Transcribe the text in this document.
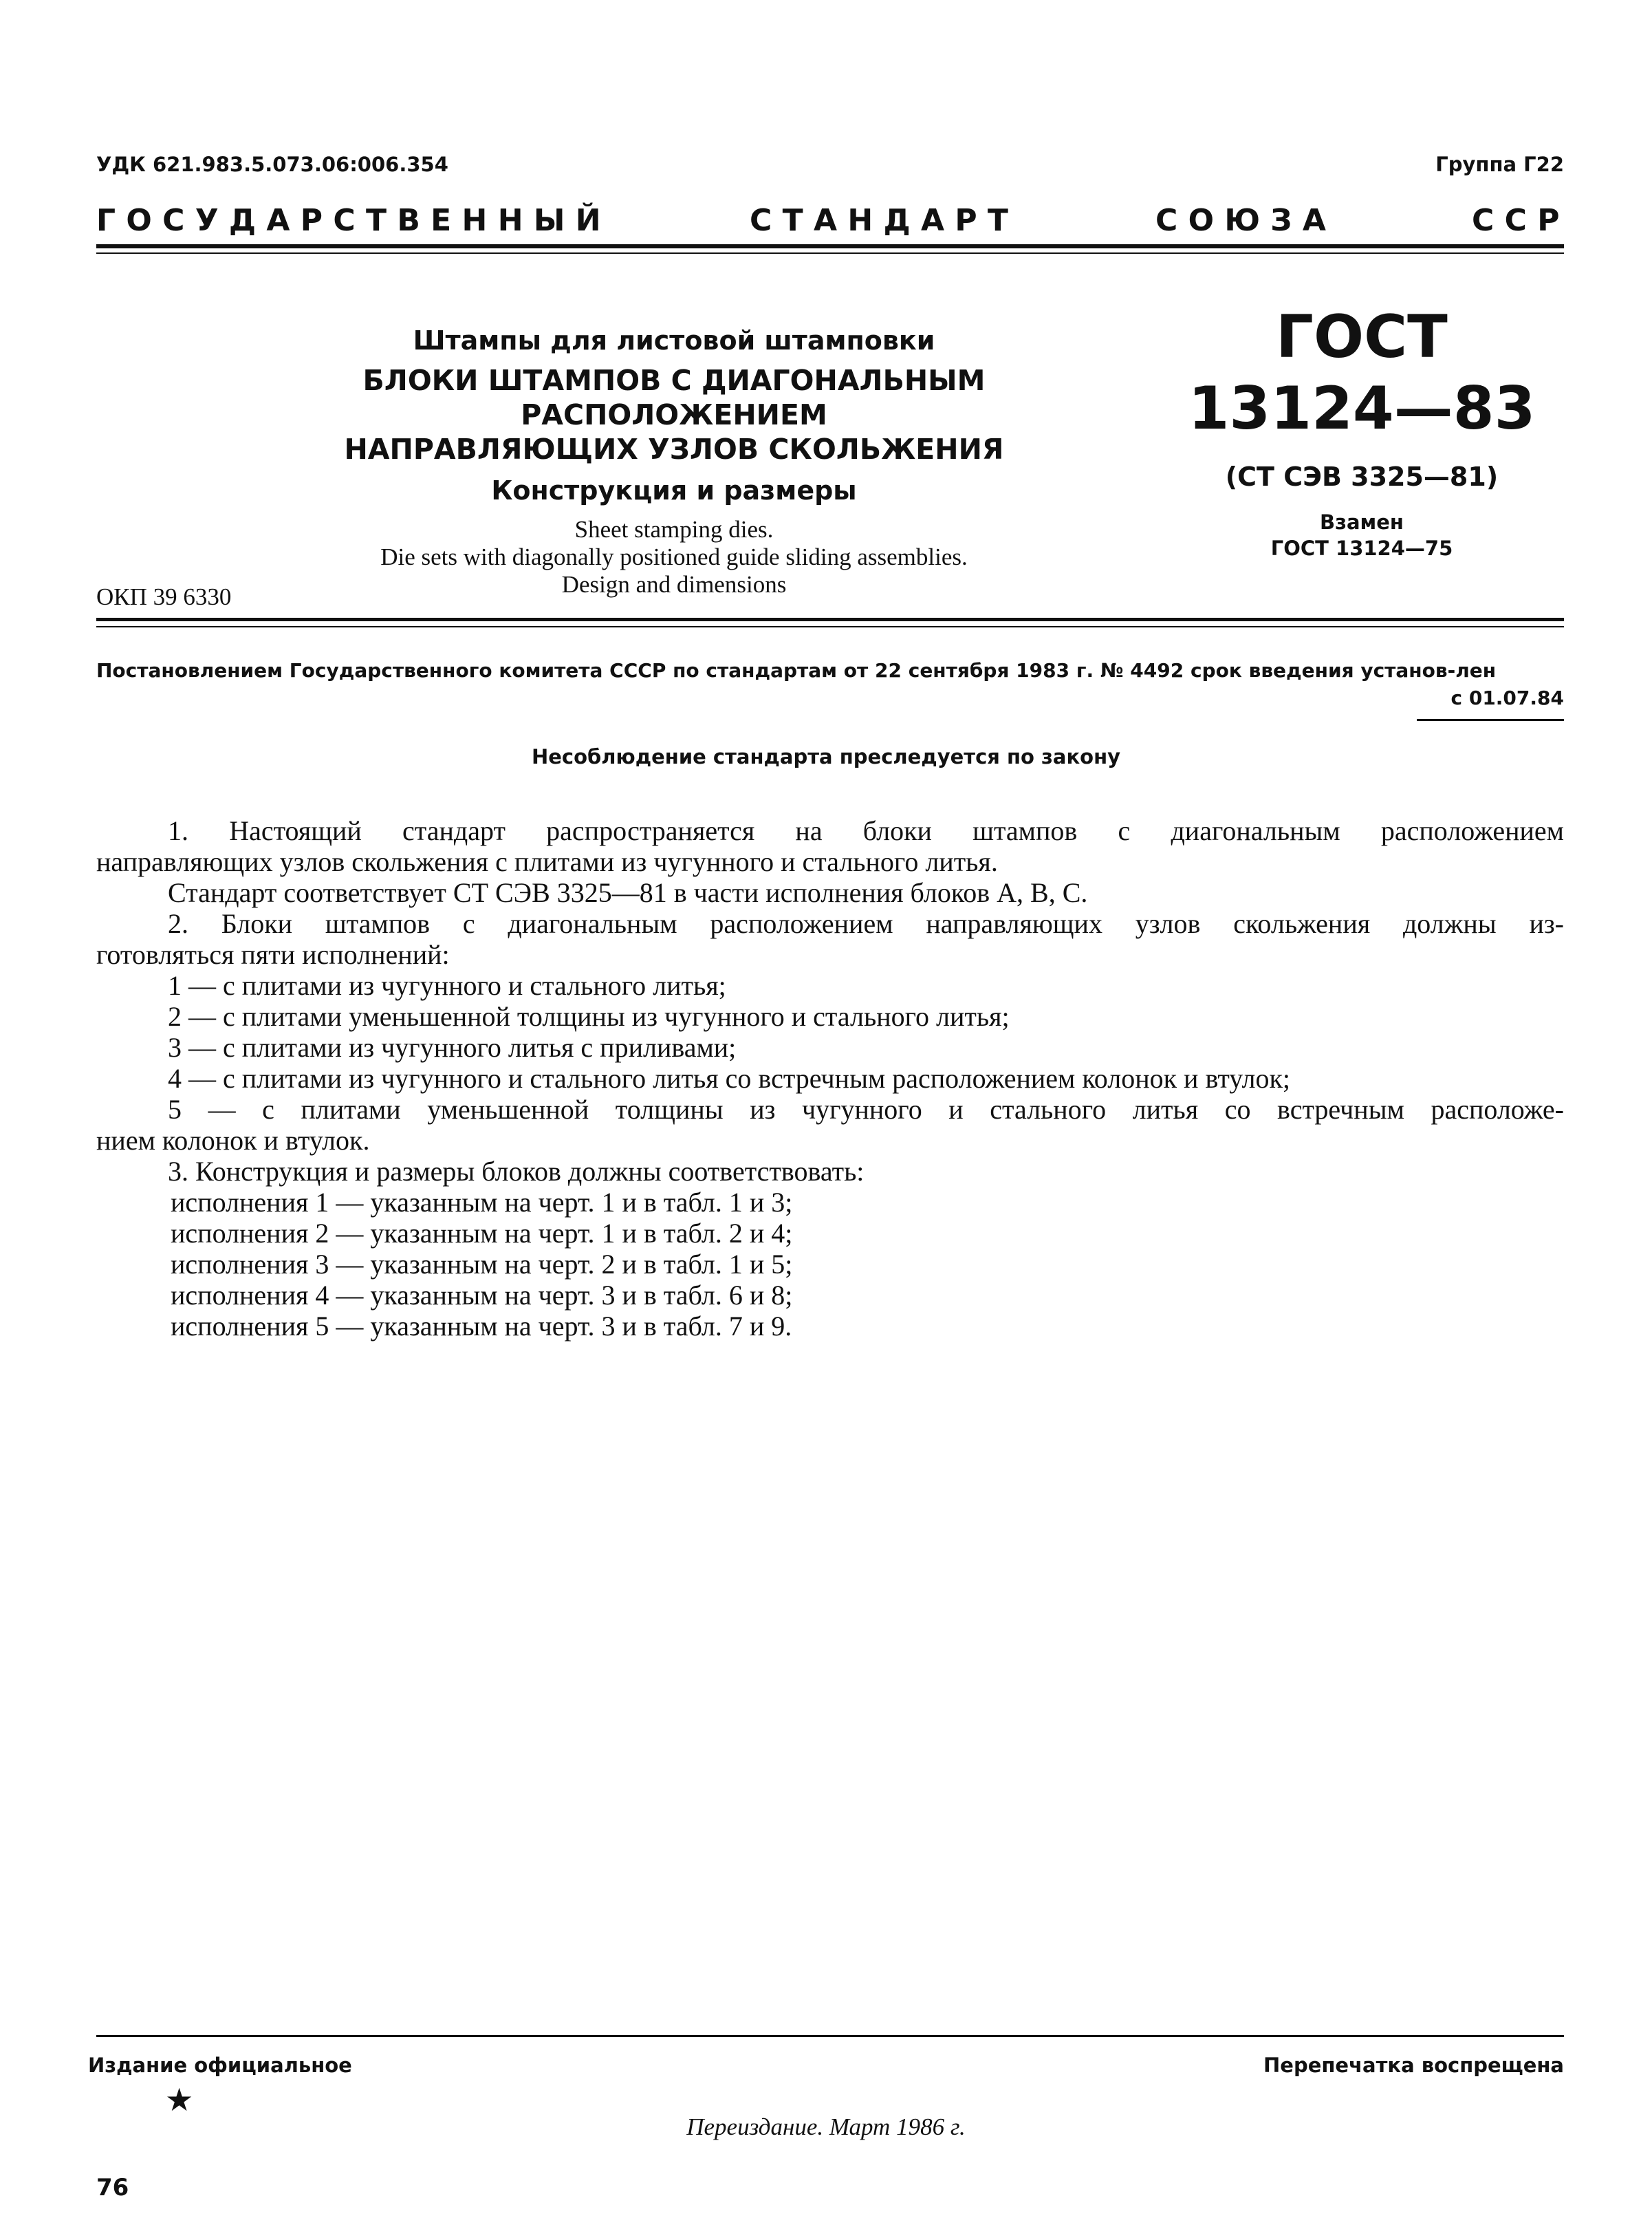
УДК 621.983.5.073.06:006.354	Группа Г22
Г О С У Д А Р С Т В Е Н Н Ы Й	С Т А Н Д А Р Т	С О Ю З А	С С Р
Штампы для листовой штамповки
БЛОКИ ШТАМПОВ С ДИАГОНАЛЬНЫМ РАСПОЛОЖЕНИЕМ
НАПРАВЛЯЮЩИХ УЗЛОВ СКОЛЬЖЕНИЯ
Конструкция и размеры
Sheet stamping dies.
Die sets with diagonally positioned guide sliding assemblies.
Design and dimensions
ГОСТ
13124—83
(СТ СЭВ 3325—81)
Взамен
ГОСТ 13124—75
ОКП 39 6330
Постановлением Государственного комитета СССР по стандартам от 22 сентября 1983 г. № 4492 срок введения установ-лен
с 01.07.84
Несоблюдение стандарта преследуется по закону

1. Настоящий стандарт распространяется на блоки штампов с диагональным расположением

направляющих узлов скольжения с плитами из чугунного и стального литья.

Стандарт соответствует СТ СЭВ 3325—81 в части исполнения блоков А, В, С.

2. Блоки штампов с диагональным расположением направляющих узлов скольжения должны из-

готовляться пяти исполнений:

1 — с плитами из чугунного и стального литья;

2 — с плитами уменьшенной толщины из чугунного и стального литья;

3 — с плитами из чугунного литья с приливами;

4 — с плитами из чугунного и стального литья со встречным расположением колонок и втулок;

5 — с плитами уменьшенной толщины из чугунного и стального литья со встречным расположе-

нием колонок и втулок.

3. Конструкция и размеры блоков должны соответствовать:

исполнения 1 — указанным на черт. 1 и в табл. 1 и 3;

исполнения 2 — указанным на черт. 1 и в табл. 2 и 4;

исполнения 3 — указанным на черт. 2 и в табл. 1 и 5;

исполнения 4 — указанным на черт. 3 и в табл. 6 и 8;

исполнения 5 — указанным на черт. 3 и в табл. 7 и 9.

Издание официальное	Перепечатка воспрещена
★
Переиздание. Март 1986 г.
76
